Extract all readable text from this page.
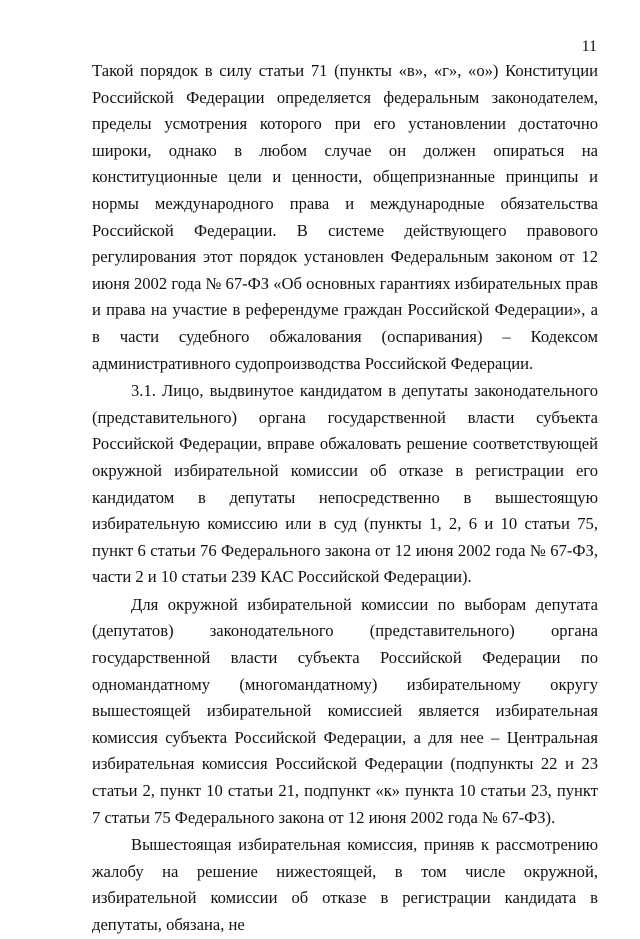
11

Такой порядок в силу статьи 71 (пункты «в», «г», «о») Конституции Российской Федерации определяется федеральным законодателем, пределы усмотрения которого при его установлении достаточно широки, однако в любом случае он должен опираться на конституционные цели и ценности, общепризнанные принципы и нормы международного права и международные обязательства Российской Федерации. В системе действующего правового регулирования этот порядок установлен Федеральным законом от 12 июня 2002 года № 67-ФЗ «Об основных гарантиях избирательных прав и права на участие в референдуме граждан Российской Федерации», а в части судебного обжалования (оспаривания) – Кодексом административного судопроизводства Российской Федерации.

3.1. Лицо, выдвинутое кандидатом в депутаты законодательного (представительного) органа государственной власти субъекта Российской Федерации, вправе обжаловать решение соответствующей окружной избирательной комиссии об отказе в регистрации его кандидатом в депутаты непосредственно в вышестоящую избирательную комиссию или в суд (пункты 1, 2, 6 и 10 статьи 75, пункт 6 статьи 76 Федерального закона от 12 июня 2002 года № 67-ФЗ, части 2 и 10 статьи 239 КАС Российской Федерации).

Для окружной избирательной комиссии по выборам депутата (депутатов) законодательного (представительного) органа государственной власти субъекта Российской Федерации по одномандатному (многомандатному) избирательному округу вышестоящей избирательной комиссией является избирательная комиссия субъекта Российской Федерации, а для нее – Центральная избирательная комиссия Российской Федерации (подпункты 22 и 23 статьи 2, пункт 10 статьи 21, подпункт «к» пункта 10 статьи 23, пункт 7 статьи 75 Федерального закона от 12 июня 2002 года № 67-ФЗ).

Вышестоящая избирательная комиссия, приняв к рассмотрению жалобу на решение нижестоящей, в том числе окружной, избирательной комиссии об отказе в регистрации кандидата в депутаты, обязана, не
